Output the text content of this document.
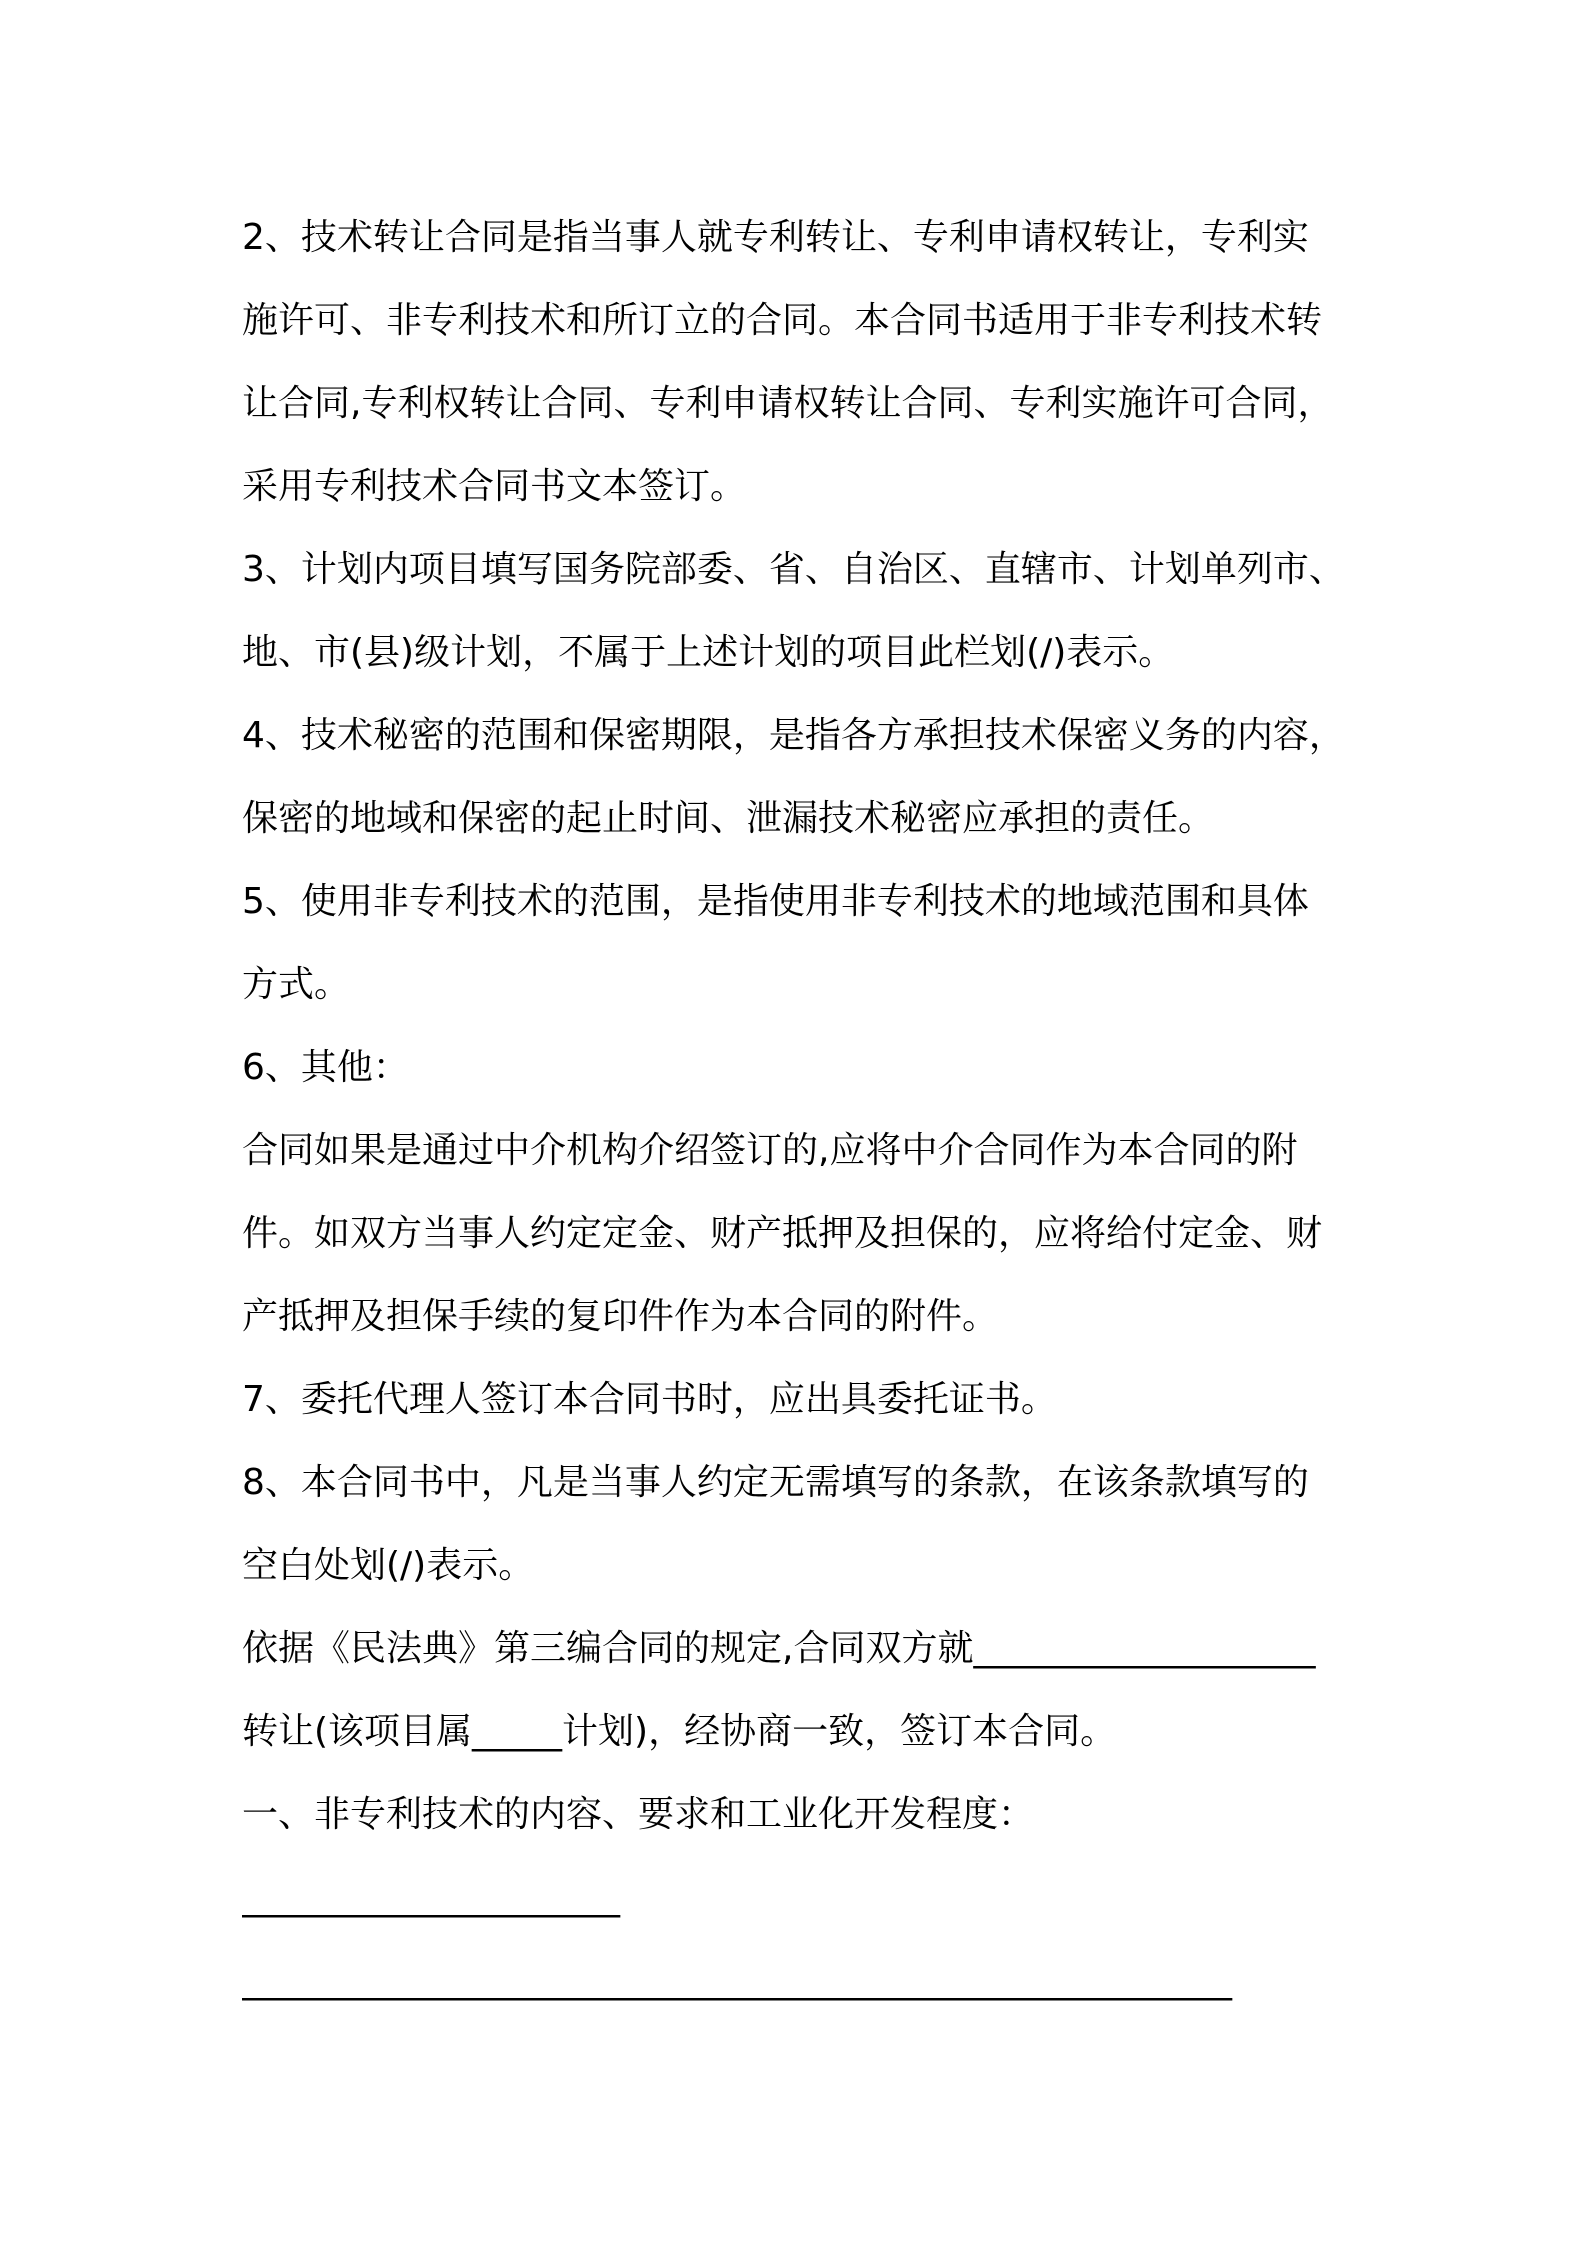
2、技术转让合同是指当事人就专利转让、专利申请权转让，专利实
施许可、非专利技术和所订立的合同。本合同书适用于非专利技术转
让合同,专利权转让合同、专利申请权转让合同、专利实施许可合同，
采用专利技术合同书文本签订。
3、计划内项目填写国务院部委、省、自治区、直辖市、计划单列市、
地、市(县)级计划，不属于上述计划的项目此栏划(/)表示。
4、技术秘密的范围和保密期限，是指各方承担技术保密义务的内容，
保密的地域和保密的起止时间、泄漏技术秘密应承担的责任。
5、使用非专利技术的范围，是指使用非专利技术的地域范围和具体
方式。
6、其他：
合同如果是通过中介机构介绍签订的,应将中介合同作为本合同的附
件。如双方当事人约定定金、财产抵押及担保的，应将给付定金、财
产抵押及担保手续的复印件作为本合同的附件。
7、委托代理人签订本合同书时，应出具委托证书。
8、本合同书中，凡是当事人约定无需填写的条款，在该条款填写的
空白处划(/)表示。
依据《民法典》第三编合同的规定,合同双方就___________________
转让(该项目属_____计划)，经协商一致，签订本合同。
一、非专利技术的内容、要求和工业化开发程度：
_____________________
_______________________________________________________
